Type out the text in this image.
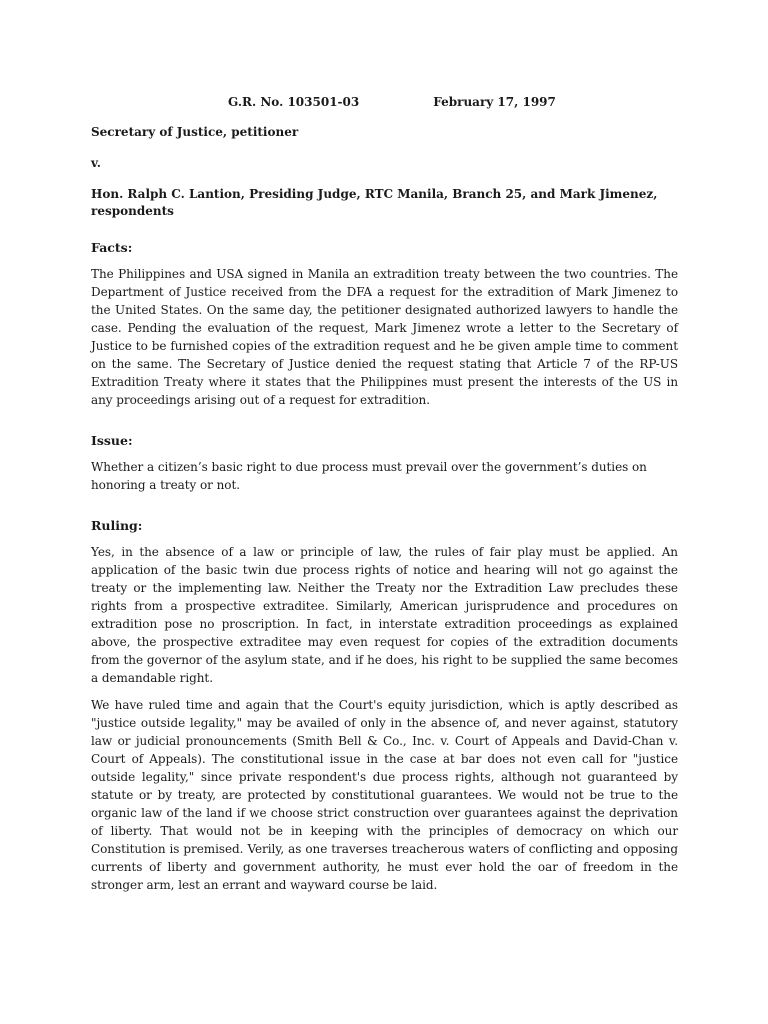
G.R. No. 103501-03	February 17, 1997

Secretary of Justice, petitioner

v.

Hon. Ralph C. Lantion, Presiding Judge, RTC Manila, Branch 25, and Mark Jimenez, respondents

Facts:

The Philippines and USA signed in Manila an extradition treaty between the two countries. The Department of Justice received from the DFA a request for the extradition of Mark Jimenez to the United States. On the same day, the petitioner designated authorized lawyers to handle the case. Pending the evaluation of the request, Mark Jimenez wrote a letter to the Secretary of Justice to be furnished copies of the extradition request and he be given ample time to comment on the same. The Secretary of Justice denied the request stating that Article 7 of the RP-US Extradition Treaty where it states that the Philippines must present the interests of the US in any proceedings arising out of a request for extradition.

Issue:

Whether a citizen’s basic right to due process must prevail over the government’s duties on honoring a treaty or not.

Ruling:

Yes, in the absence of a law or principle of law, the rules of fair play must be applied. An application of the basic twin due process rights of notice and hearing will not go against the treaty or the implementing law. Neither the Treaty nor the Extradition Law precludes these rights from a prospective extraditee. Similarly, American jurisprudence and procedures on extradition pose no proscription. In fact, in interstate extradition proceedings as explained above, the prospective extraditee may even request for copies of the extradition documents from the governor of the asylum state, and if he does, his right to be supplied the same becomes a demandable right.

We have ruled time and again that the Court's equity jurisdiction, which is aptly described as "justice outside legality," may be availed of only in the absence of, and never against, statutory law or judicial pronouncements (Smith Bell & Co., Inc. v. Court of Appeals and David-Chan v. Court of Appeals). The constitutional issue in the case at bar does not even call for "justice outside legality," since private respondent's due process rights, although not guaranteed by statute or by treaty, are protected by constitutional guarantees. We would not be true to the organic law of the land if we choose strict construction over guarantees against the deprivation of liberty. That would not be in keeping with the principles of democracy on which our Constitution is premised. Verily, as one traverses treacherous waters of conflicting and opposing currents of liberty and government authority, he must ever hold the oar of freedom in the stronger arm, lest an errant and wayward course be laid.
